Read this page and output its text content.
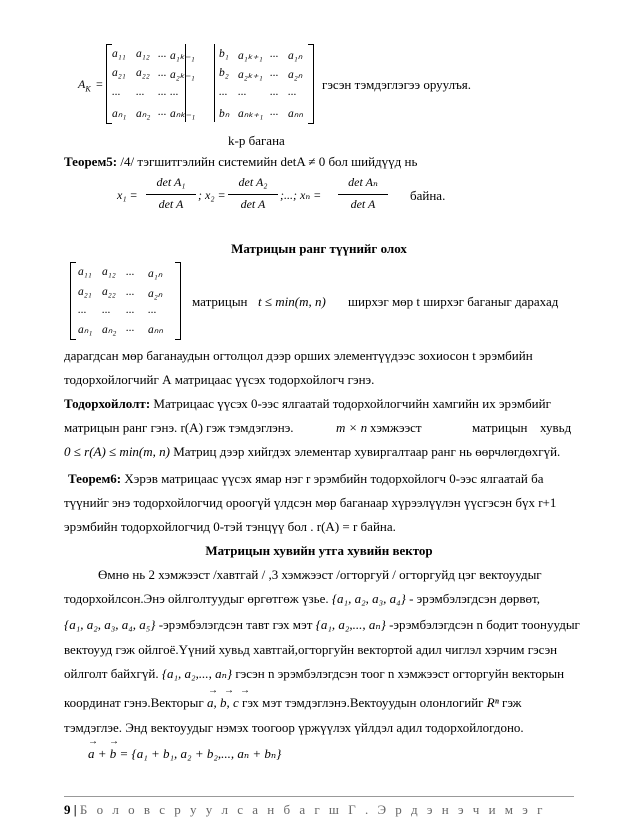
$A_K$ =
a₁₁ a₁₂ ... a₁ₖ₋₁ b₁ a₁ₖ₊₁ ... a₁ₙ
a₂₁ a₂₂ ... a₂ₖ₋₁ b₂ a₂ₖ₊₁ ... a₂ₙ
... ... ... ...	... ... ... ...
aₙ₁ aₙ₂ ... aₙₖ₋₁ bₙ aₙₖ₊₁ ... aₙₙ
гэсэн тэмдэглэгээ оруулъя.
k-р багана
Теорем5: /4/ тэгшитгэлийн системийн detA ≠ 0 бол шийдүүд нь
x₁ =
det A₁
det A
; x₂ =
det A₂
det A
;...; xₙ =
det Aₙ
det A
байна.
Матрицын ранг түүнийг олох
a₁₁ a₁₂ ... a₁ₙ
a₂₁ a₂₂ ... a₂ₙ
... ... ... ...
aₙ₁ aₙ₂ ... aₙₙ
матрицын t ≤ min(m, n) ширхэг мөр t ширхэг баганыг дарахад
дарагдсан мөр баганаудын огтолцол дээр орших элементүүдээс зохиосон t эрэмбийн
тодорхойлогчийг А матрицаас үүсэх тодорхойлогч гэнэ.
Тодорхойлолт: Матрицаас үүсэх 0-ээс ялгаатай тодорхойлогчийн хамгийн их эрэмбийг
матрицын ранг гэнэ. r(A) гэж тэмдэглэнэ.	m × n хэмжээст	матрицын хувьд
0 ≤ r(A) ≤ min(m, n) Матриц дээр хийгдэх элементар хувиргалтаар ранг нь өөрчлөгдөхгүй.
Теорем6: Хэрэв матрицаас үүсэх ямар нэг r эрэмбийн тодорхойлогч 0-ээс ялгаатай ба
түүнийг энэ тодорхойлогчид ороогүй үлдсэн мөр баганаар хүрээлүүлэн үүсгэсэн бүх r+1
эрэмбийн тодорхойлогчид 0-тэй тэнцүү бол . r(A) = r байна.
Матрицын хувийн утга хувийн вектор
Өмнө нь 2 хэмжээст /хавтгай / ,3 хэмжээст /огторгуй / огторгуйд цэг вектоуудыг
тодорхойлсон.Энэ ойлголтуудыг өргөтгөж үзье. {a₁, a₂, a₃, a₄} - эрэмбэлэгдсэн дөрвөт,
{a₁, a₂, a₃, a₄, a₅} -эрэмбэлэгдсэн тавт гэх мэт {a₁, a₂,..., aₙ} -эрэмбэлэгдсэн n бодит тоонуудыг
вектоууд гэж ойлгоё.Үүний хувьд хавтгай,огторгуйн вектортой адил чиглэл хэрчим гэсэн
ойлголт байхгүй. {a₁, a₂,..., aₙ} гэсэн n эрэмбэлэгдсэн тоог n хэмжээст огторгуйн векторын
координат гэнэ.Векторыг
→→→
a, b, c гэх мэт тэмдэглэнэ.Вектоуудын олонлогийг Rⁿ гэж
тэмдэглэе. Энд вектоуудыг нэмэх тоогоор үржүүлэх үйлдэл адил тодорхойлогдоно.
→ →
a + b = {a₁ + b₁, a₂ + b₂,..., aₙ + bₙ}
9 | Б о л о в с р у у л с а н б а г ш Г . Э р д э н э ч и м э г
